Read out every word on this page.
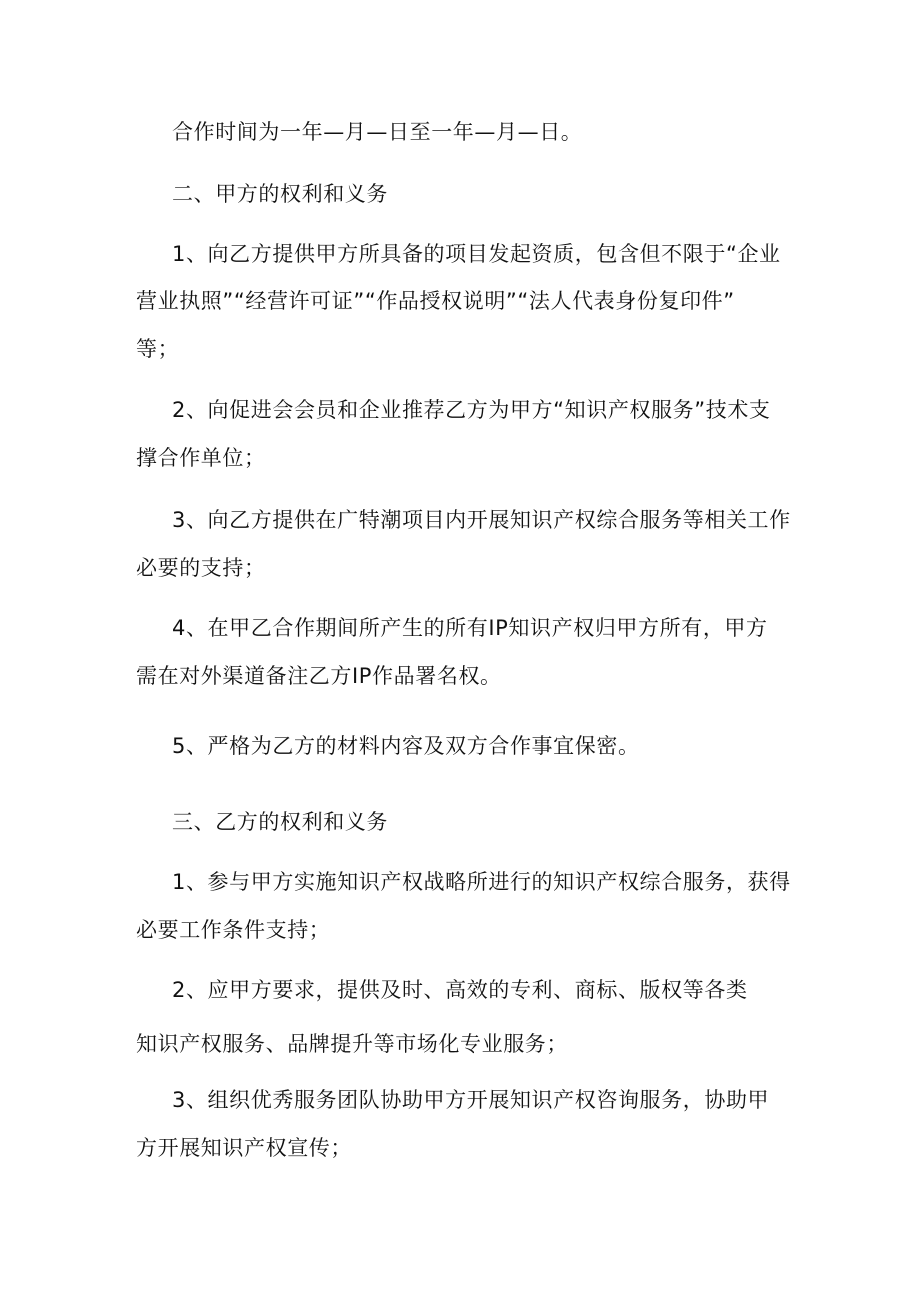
合作时间为一年—月—日至一年—月—日。
二、甲方的权利和义务
1、向乙方提供甲方所具备的项目发起资质，包含但不限于“企业
营业执照”“经营许可证”“作品授权说明”“法人代表身份复印件”
等；
2、向促进会会员和企业推荐乙方为甲方“知识产权服务”技术支
撑合作单位；
3、向乙方提供在广特潮项目内开展知识产权综合服务等相关工作
必要的支持；
4、在甲乙合作期间所产生的所有IP知识产权归甲方所有，甲方
需在对外渠道备注乙方IP作品署名权。
5、严格为乙方的材料内容及双方合作事宜保密。
三、乙方的权利和义务
1、参与甲方实施知识产权战略所进行的知识产权综合服务，获得
必要工作条件支持；
2、应甲方要求，提供及时、高效的专利、商标、版权等各类
知识产权服务、品牌提升等市场化专业服务；
3、组织优秀服务团队协助甲方开展知识产权咨询服务，协助甲
方开展知识产权宣传；
